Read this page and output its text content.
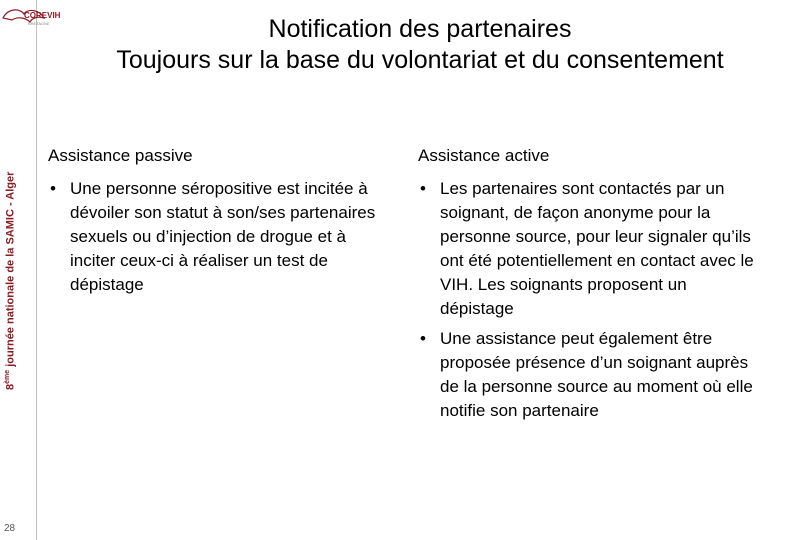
COREVIH
BRETAGNE
8ème journée nationale de la SAMIC - Alger
28
Notification des partenaires
Toujours sur la base du volontariat et du consentement
Assistance passive
• Une personne séropositive est incitée à dévoiler son statut à son/ses partenaires sexuels ou d’injection de drogue et à inciter ceux-ci à réaliser un test de dépistage
Assistance active
• Les partenaires sont contactés par un soignant, de façon anonyme pour la personne source, pour leur signaler qu’ils ont été potentiellement en contact avec le VIH. Les soignants proposent un dépistage
• Une assistance peut également être proposée présence d’un soignant auprès de la personne source au moment où elle notifie son partenaire
